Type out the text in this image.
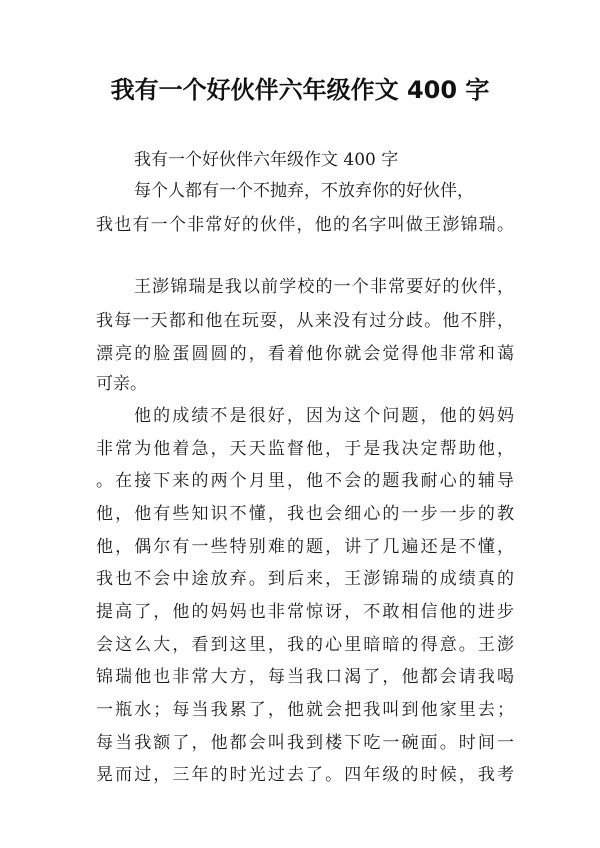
我有一个好伙伴六年级作文 400 字
我有一个好伙伴六年级作文 400 字
每个人都有一个不抛弃，不放弃你的好伙伴，
我也有一个非常好的伙伴，他的名字叫做王澎锦瑞。
王澎锦瑞是我以前学校的一个非常要好的伙伴，
我每一天都和他在玩耍，从来没有过分歧。他不胖，
漂亮的脸蛋圆圆的，看着他你就会觉得他非常和蔼
可亲。
他的成绩不是很好，因为这个问题，他的妈妈
非常为他着急，天天监督他，于是我决定帮助他，
。在接下来的两个月里，他不会的题我耐心的辅导
他，他有些知识不懂，我也会细心的一步一步的教
他，偶尔有一些特别难的题，讲了几遍还是不懂，
我也不会中途放弃。到后来，王澎锦瑞的成绩真的
提高了，他的妈妈也非常惊讶，不敢相信他的进步
会这么大，看到这里，我的心里暗暗的得意。王澎
锦瑞他也非常大方，每当我口渴了，他都会请我喝
一瓶水；每当我累了，他就会把我叫到他家里去；
每当我额了，他都会叫我到楼下吃一碗面。时间一
晃而过，三年的时光过去了。四年级的时候，我考
